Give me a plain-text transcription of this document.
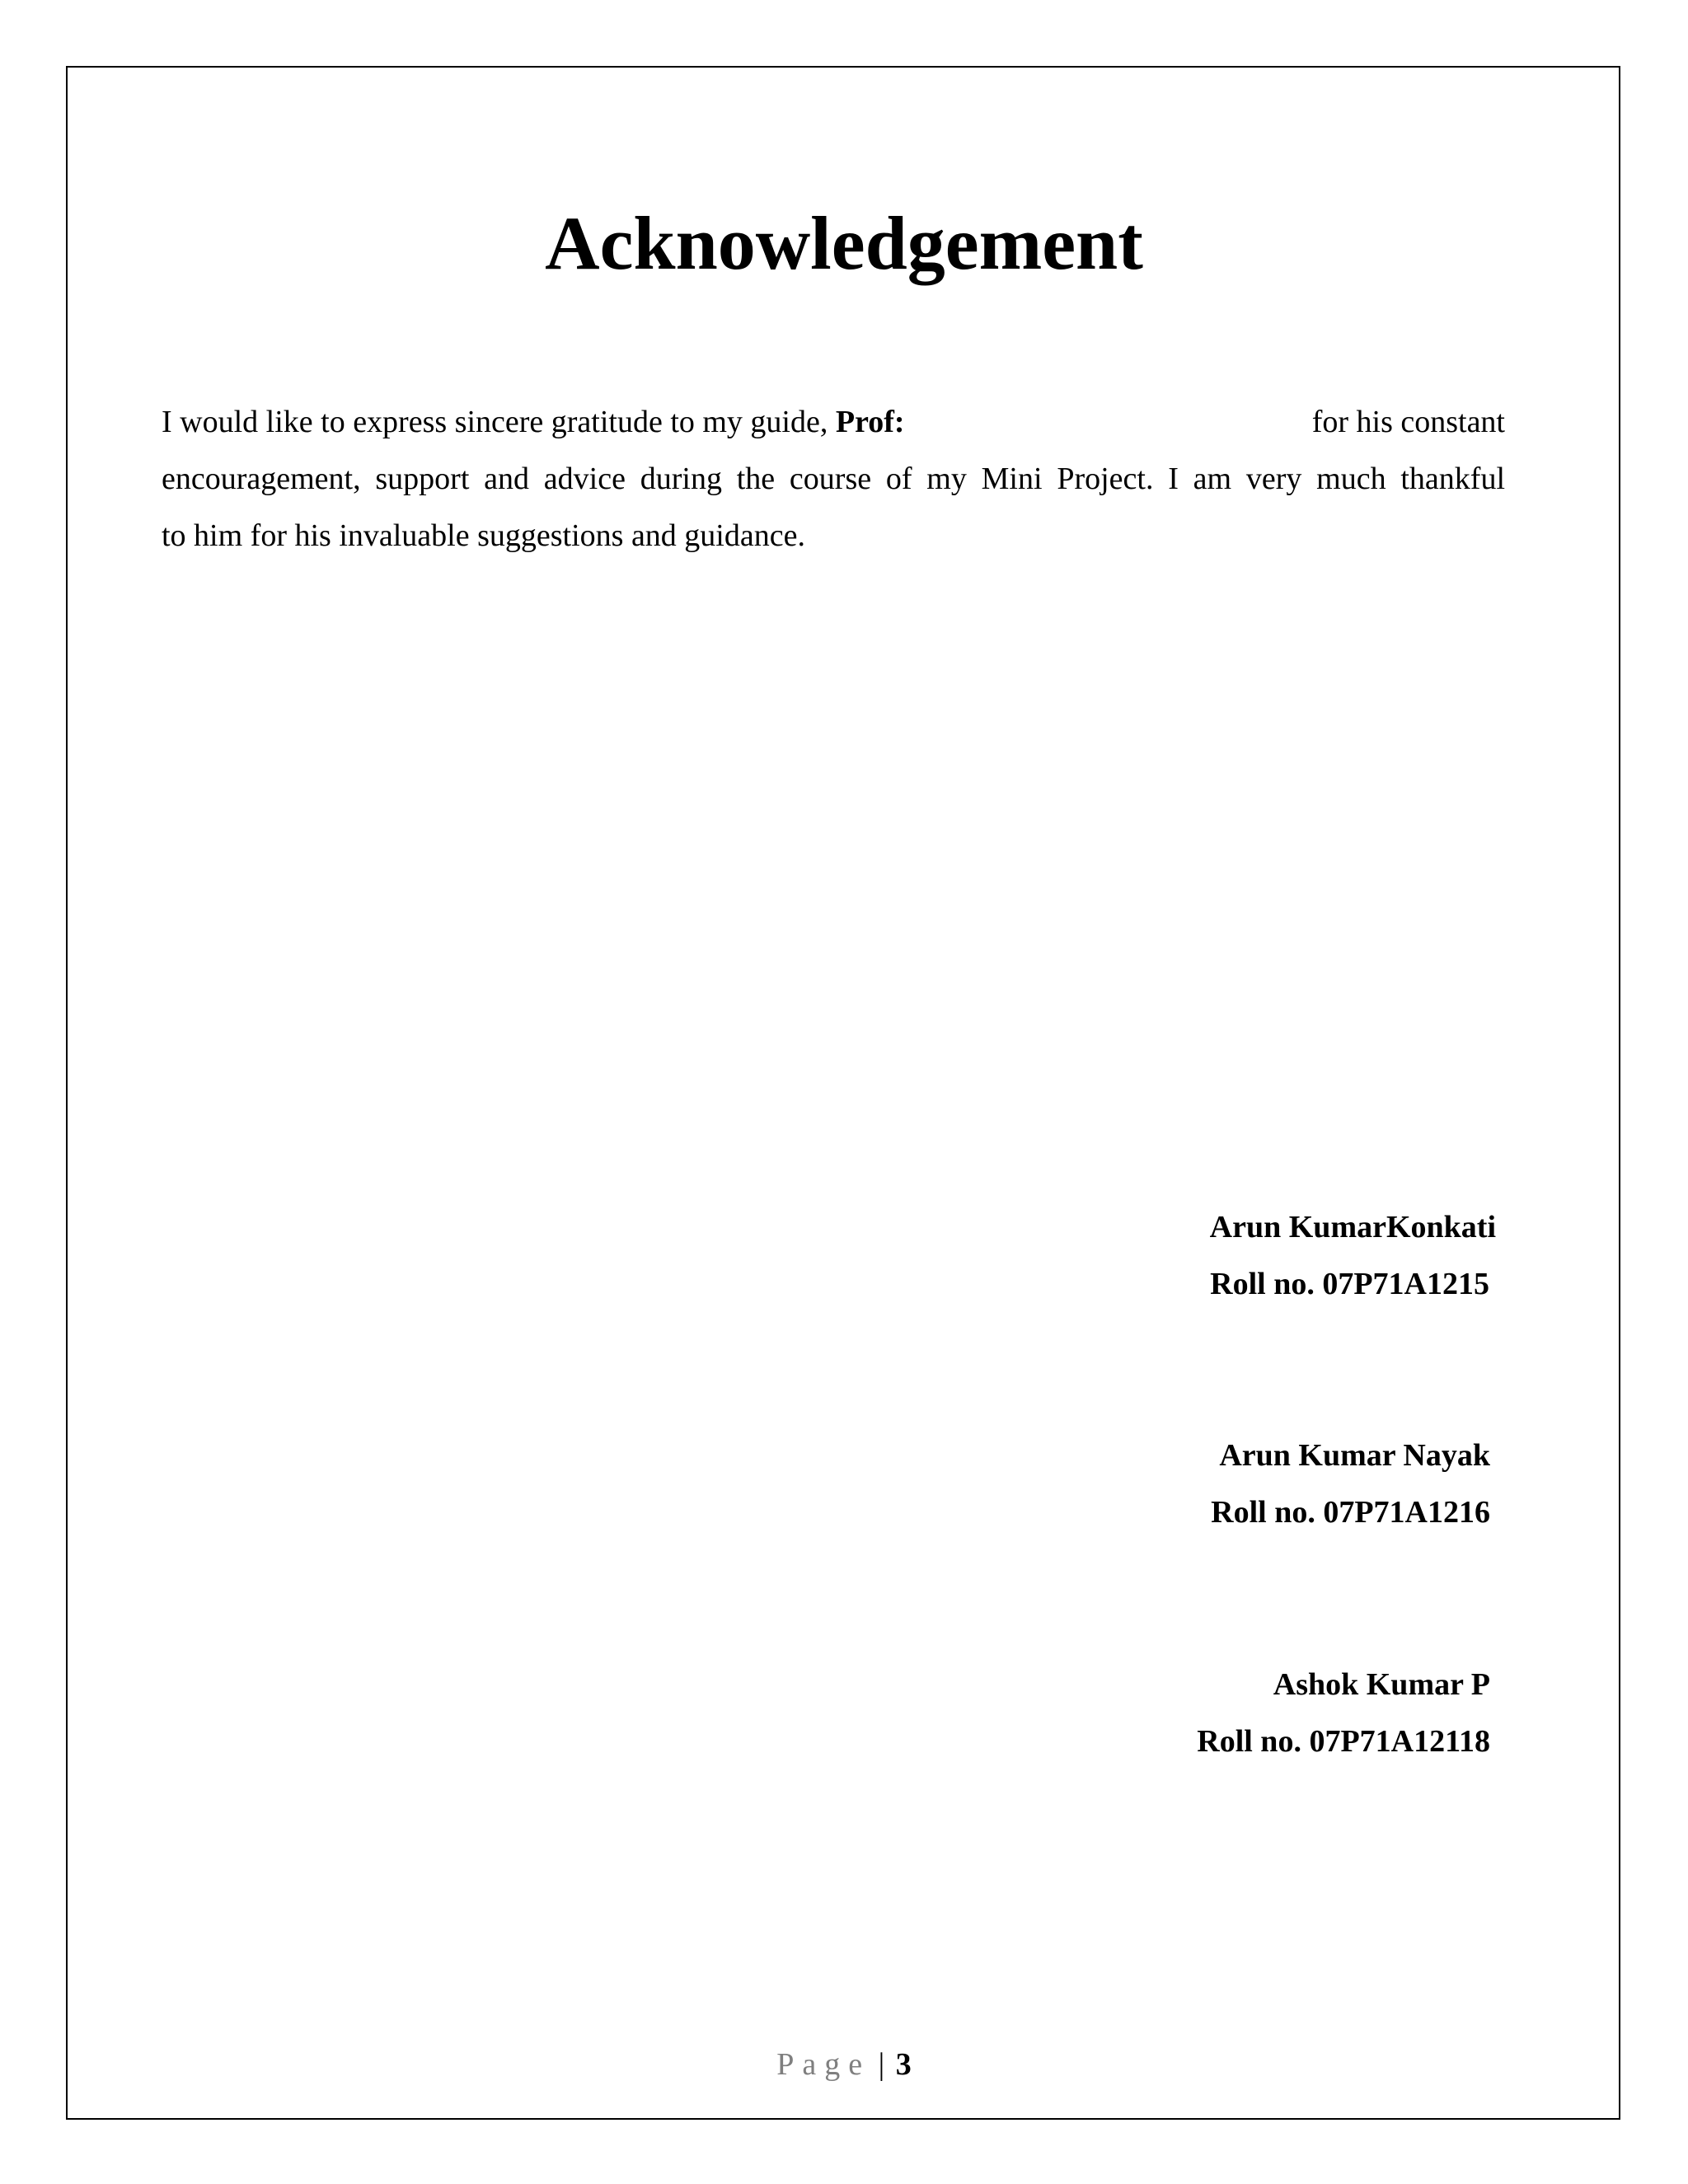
Acknowledgement
I would like to express sincere gratitude to my guide, Prof:	for his constant
encouragement, support and advice during the course of my Mini Project. I am very much thankful
to him for his invaluable suggestions and guidance.
Arun KumarKonkati
Roll no. 07P71A1215
Arun Kumar Nayak
Roll no. 07P71A1216
Ashok Kumar P
Roll no. 07P71A12118
Page | 3
